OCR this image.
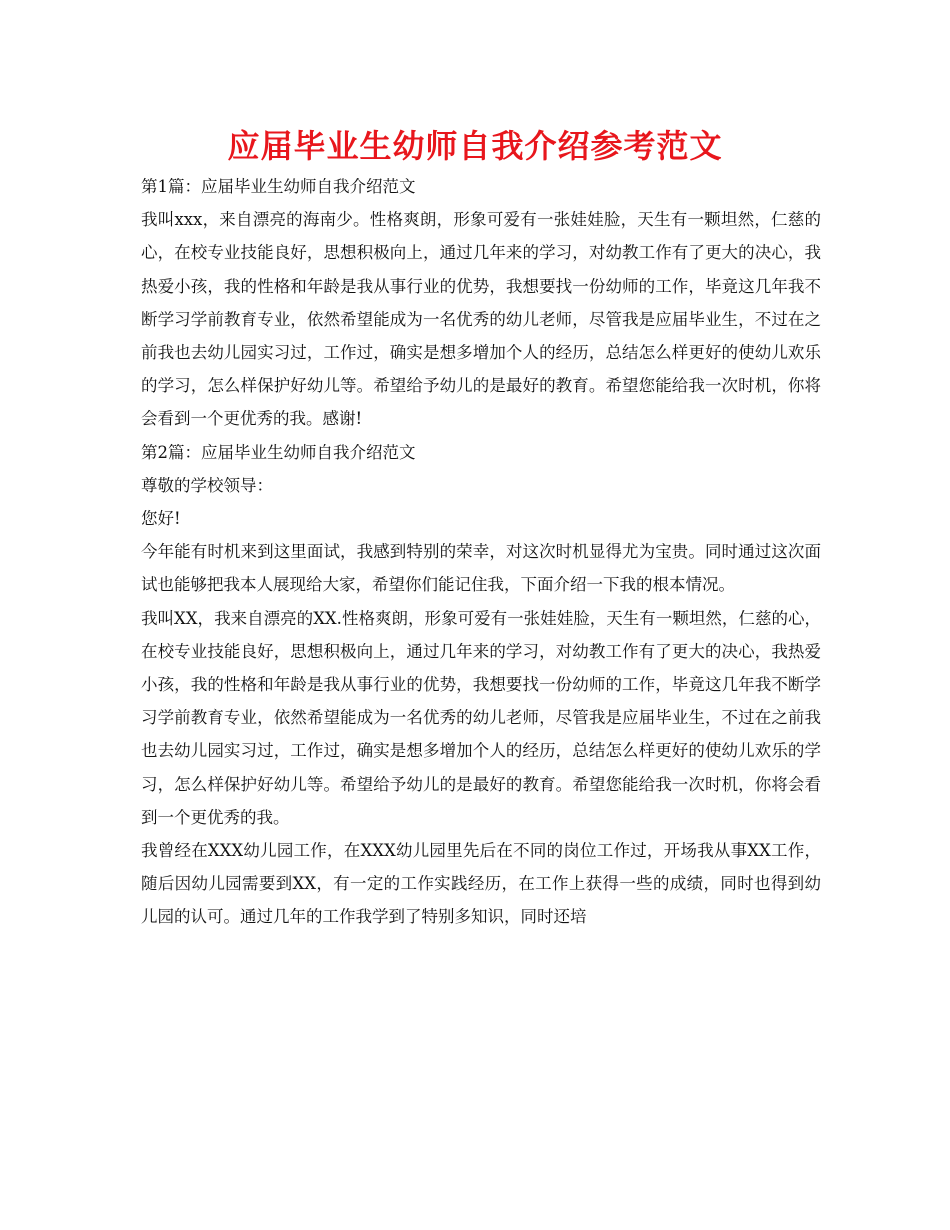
应届毕业生幼师自我介绍参考范文

第1篇：应届毕业生幼师自我介绍范文

我叫xxx，来自漂亮的海南少。性格爽朗，形象可爱有一张娃娃脸，天生有一颗坦然，仁慈的心，在校专业技能良好，思想积极向上，通过几年来的学习，对幼教工作有了更大的决心，我热爱小孩，我的性格和年龄是我从事行业的优势，我想要找一份幼师的工作，毕竟这几年我不断学习学前教育专业，依然希望能成为一名优秀的幼儿老师，尽管我是应届毕业生，不过在之前我也去幼儿园实习过，工作过，确实是想多增加个人的经历，总结怎么样更好的使幼儿欢乐的学习，怎么样保护好幼儿等。希望给予幼儿的是最好的教育。希望您能给我一次时机，你将会看到一个更优秀的我。感谢!

第2篇：应届毕业生幼师自我介绍范文

尊敬的学校领导：

您好!

今年能有时机来到这里面试，我感到特别的荣幸，对这次时机显得尤为宝贵。同时通过这次面试也能够把我本人展现给大家，希望你们能记住我，下面介绍一下我的根本情况。

我叫XX，我来自漂亮的XX.性格爽朗，形象可爱有一张娃娃脸，天生有一颗坦然，仁慈的心，在校专业技能良好，思想积极向上，通过几年来的学习，对幼教工作有了更大的决心，我热爱小孩，我的性格和年龄是我从事行业的优势，我想要找一份幼师的工作，毕竟这几年我不断学习学前教育专业，依然希望能成为一名优秀的幼儿老师，尽管我是应届毕业生，不过在之前我也去幼儿园实习过，工作过，确实是想多增加个人的经历，总结怎么样更好的使幼儿欢乐的学习，怎么样保护好幼儿等。希望给予幼儿的是最好的教育。希望您能给我一次时机，你将会看到一个更优秀的我。

我曾经在XXX幼儿园工作，在XXX幼儿园里先后在不同的岗位工作过，开场我从事XX工作，随后因幼儿园需要到XX，有一定的工作实践经历，在工作上获得一些的成绩，同时也得到幼儿园的认可。通过几年的工作我学到了特别多知识，同时还培
